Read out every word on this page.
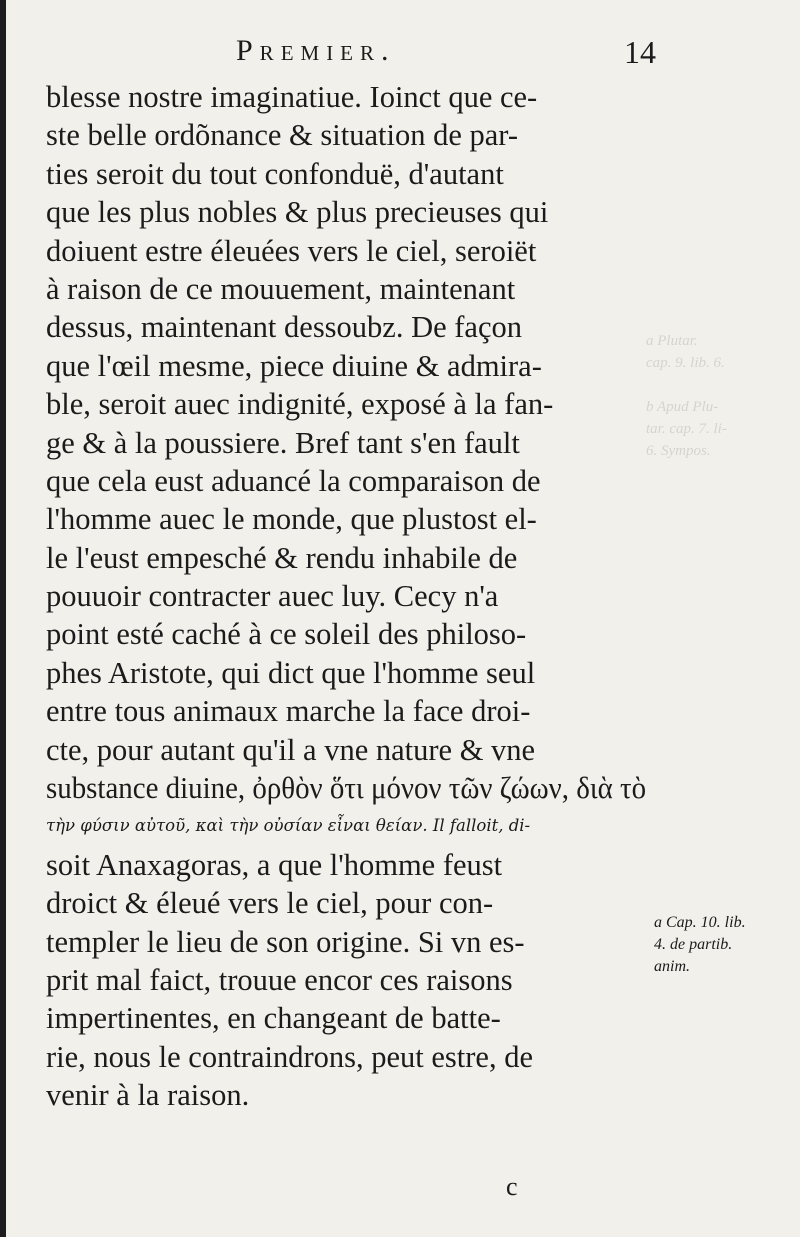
a Plutar.
cap. 9. lib. 6.

b Apud Plu-
tar. cap. 7. li-
6. Sympos.
Premier.	14
blesse nostre imaginatiue. Ioinct que ce-
ste belle ordõnance & situation de par-
ties seroit du tout confonduë, d'autant
que les plus nobles & plus precieuses qui
doiuent estre éleuées vers le ciel, seroiët
à raison de ce mouuement, maintenant
dessus, maintenant dessoubz. De façon
que l'œil mesme, piece diuine & admira-
ble, seroit auec indignité, exposé à la fan-
ge & à la poussiere. Bref tant s'en fault
que cela eust aduancé la comparaison de
l'homme auec le monde, que plustost el-
le l'eust empesché & rendu inhabile de
pouuoir contracter auec luy. Cecy n'a
point esté caché à ce soleil des philoso-
phes Aristote, qui dict que l'homme seul
entre tous animaux marche la face droi-
cte, pour autant qu'il a vne nature & vne
substance diuine, ὀρθὸν ὅτι μόνον τῶν ζώων, διὰ τὸ
τὴν φύσιν αὐτοῦ, καὶ τὴν οὐσίαν εἶναι θείαν. Il falloit, di-
soit Anaxagoras, a que l'homme feust
droict & éleué vers le ciel, pour con-
templer le lieu de son origine. Si vn es-
prit mal faict, trouue encor ces raisons
impertinentes, en changeant de batte-
rie, nous le contraindrons, peut estre, de
venir à la raison.
a Cap. 10. lib.
4. de partib.
anim.
c
